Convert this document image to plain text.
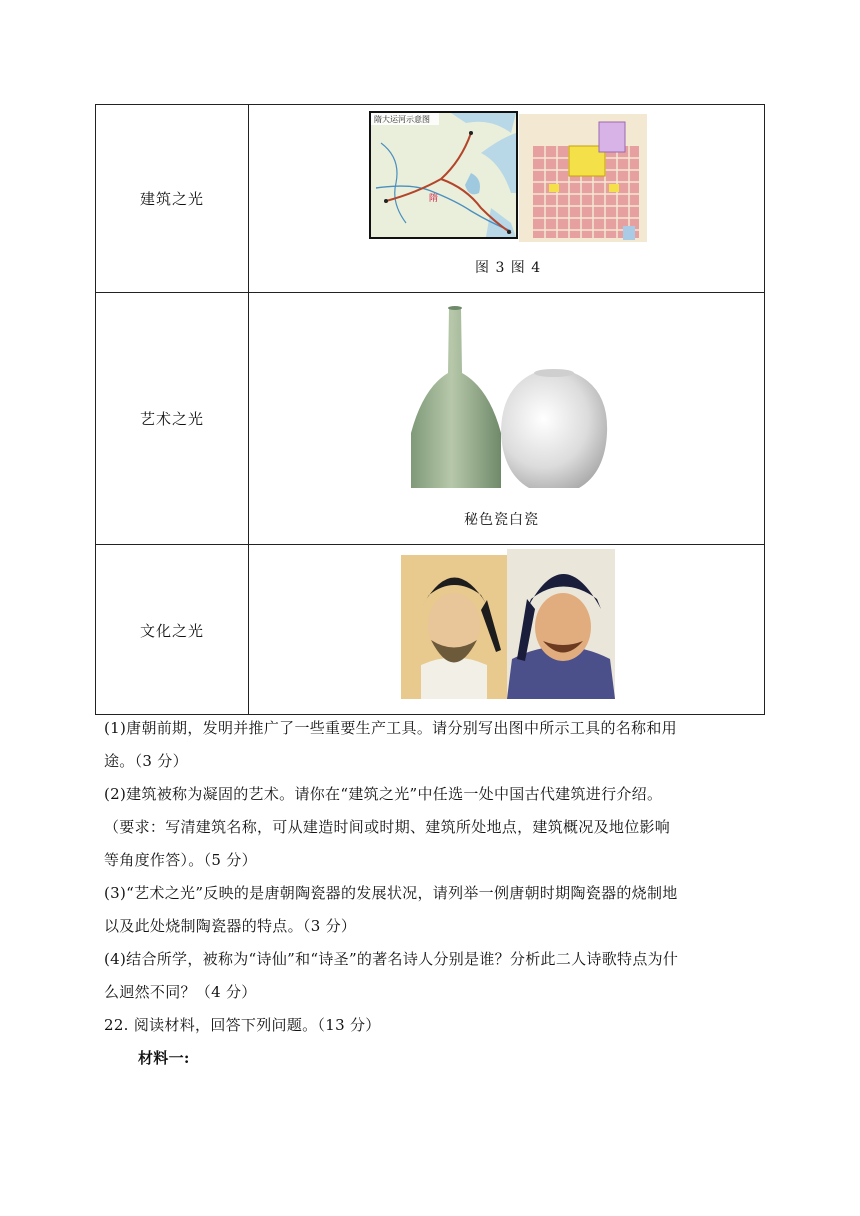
建筑之光
隋大运河示意图
隋
图 3 图 4
艺术之光
秘色瓷白瓷
文化之光

(1)唐朝前期，发明并推广了一些重要生产工具。请分别写出图中所示工具的名称和用

途。（3 分）

(2)建筑被称为凝固的艺术。请你在“建筑之光”中任选一处中国古代建筑进行介绍。

（要求：写清建筑名称，可从建造时间或时期、建筑所处地点，建筑概况及地位影响

等角度作答）。（5 分）

(3)“艺术之光”反映的是唐朝陶瓷器的发展状况，请列举一例唐朝时期陶瓷器的烧制地

以及此处烧制陶瓷器的特点。（3 分）

(4)结合所学，被称为“诗仙”和“诗圣”的著名诗人分别是谁？分析此二人诗歌特点为什

么迥然不同？（4 分）

22. 阅读材料，回答下列问题。（13 分）

材料一:
